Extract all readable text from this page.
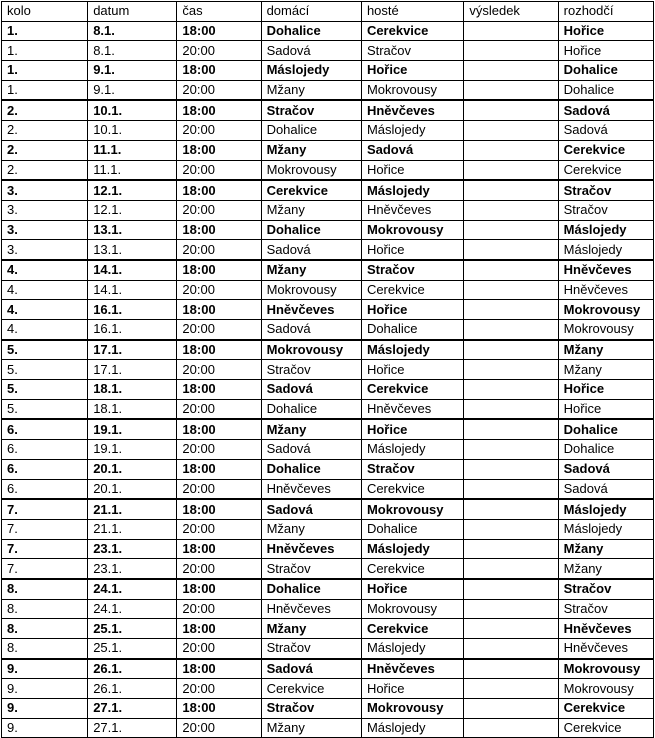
kolo	datum	čas	domácí	hosté	výsledek	rozhodčí
1.	8.1.	18:00	Dohalice	Cerekvice		Hořice
1.	8.1.	20:00	Sadová	Stračov		Hořice
1.	9.1.	18:00	Máslojedy	Hořice		Dohalice
1.	9.1.	20:00	Mžany	Mokrovousy		Dohalice
2.	10.1.	18:00	Stračov	Hněvčeves		Sadová
2.	10.1.	20:00	Dohalice	Máslojedy		Sadová
2.	11.1.	18:00	Mžany	Sadová		Cerekvice
2.	11.1.	20:00	Mokrovousy	Hořice		Cerekvice
3.	12.1.	18:00	Cerekvice	Máslojedy		Stračov
3.	12.1.	20:00	Mžany	Hněvčeves		Stračov
3.	13.1.	18:00	Dohalice	Mokrovousy		Máslojedy
3.	13.1.	20:00	Sadová	Hořice		Máslojedy
4.	14.1.	18:00	Mžany	Stračov		Hněvčeves
4.	14.1.	20:00	Mokrovousy	Cerekvice		Hněvčeves
4.	16.1.	18:00	Hněvčeves	Hořice		Mokrovousy
4.	16.1.	20:00	Sadová	Dohalice		Mokrovousy
5.	17.1.	18:00	Mokrovousy	Máslojedy		Mžany
5.	17.1.	20:00	Stračov	Hořice		Mžany
5.	18.1.	18:00	Sadová	Cerekvice		Hořice
5.	18.1.	20:00	Dohalice	Hněvčeves		Hořice
6.	19.1.	18:00	Mžany	Hořice		Dohalice
6.	19.1.	20:00	Sadová	Máslojedy		Dohalice
6.	20.1.	18:00	Dohalice	Stračov		Sadová
6.	20.1.	20:00	Hněvčeves	Cerekvice		Sadová
7.	21.1.	18:00	Sadová	Mokrovousy		Máslojedy
7.	21.1.	20:00	Mžany	Dohalice		Máslojedy
7.	23.1.	18:00	Hněvčeves	Máslojedy		Mžany
7.	23.1.	20:00	Stračov	Cerekvice		Mžany
8.	24.1.	18:00	Dohalice	Hořice		Stračov
8.	24.1.	20:00	Hněvčeves	Mokrovousy		Stračov
8.	25.1.	18:00	Mžany	Cerekvice		Hněvčeves
8.	25.1.	20:00	Stračov	Máslojedy		Hněvčeves
9.	26.1.	18:00	Sadová	Hněvčeves		Mokrovousy
9.	26.1.	20:00	Cerekvice	Hořice		Mokrovousy
9.	27.1.	18:00	Stračov	Mokrovousy		Cerekvice
9.	27.1.	20:00	Mžany	Máslojedy		Cerekvice
